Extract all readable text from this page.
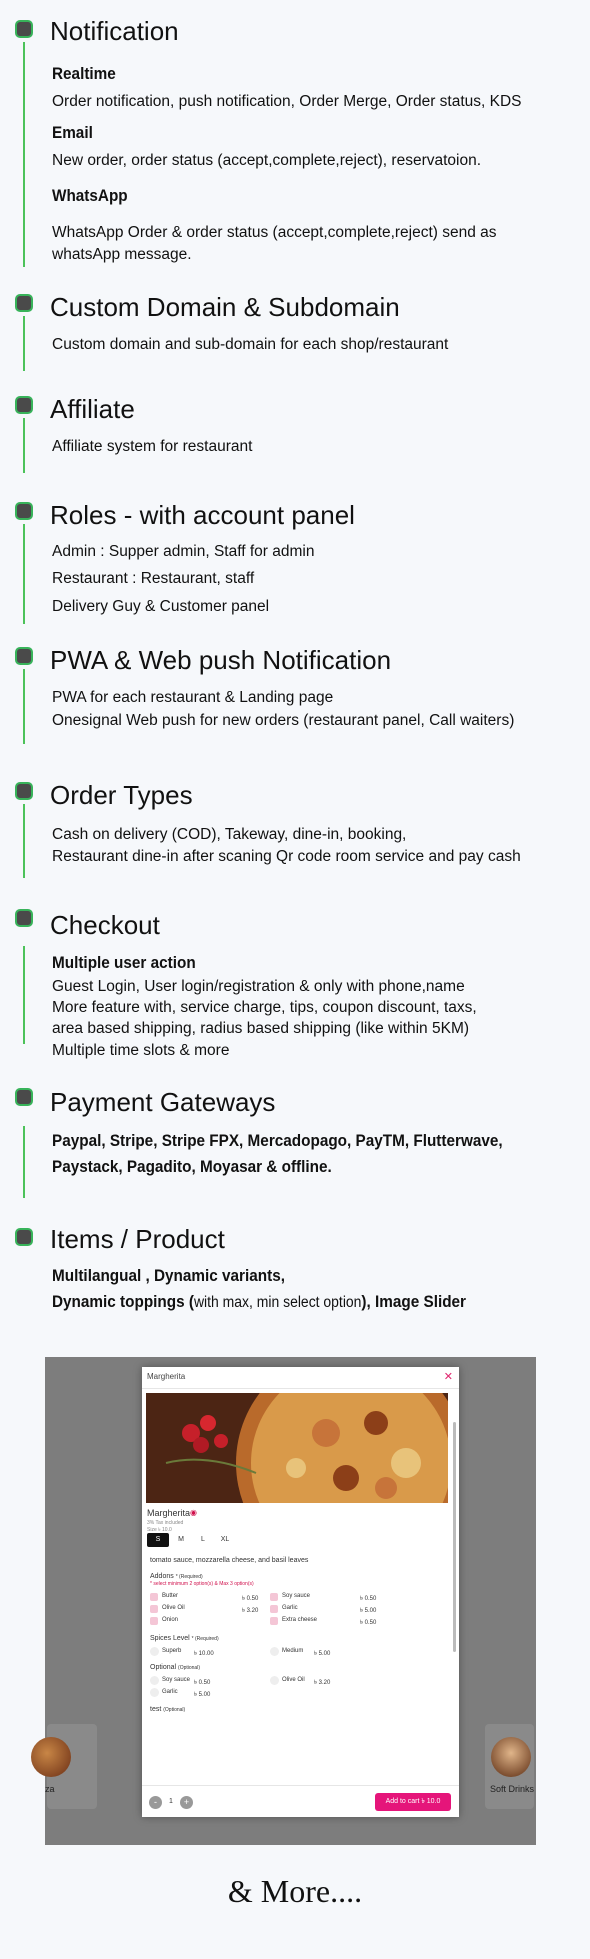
Notification
Realtime
Order notification, push notification, Order Merge, Order status, KDS
Email
New order, order status (accept,complete,reject), reservatoion.
WhatsApp
WhatsApp Order & order status (accept,complete,reject) send as
whatsApp message.
Custom Domain & Subdomain
Custom domain and sub-domain for each shop/restaurant
Affiliate
Affiliate system for restaurant
Roles - with account panel
Admin : Supper admin, Staff for admin
Restaurant : Restaurant, staff
Delivery Guy & Customer panel
PWA & Web push Notification
PWA for each restaurant & Landing page
Onesignal Web push for new orders (restaurant panel, Call waiters)
Order Types
Cash on delivery (COD), Takeway, dine-in, booking,
Restaurant dine-in after scaning Qr code room service and pay cash
Checkout
Multiple user action
Guest Login, User login/registration & only with phone,name
More feature with, service charge, tips, coupon discount, taxs,
area based shipping, radius based shipping (like within 5KM)
Multiple time slots & more
Payment Gateways
Paypal, Stripe, Stripe FPX, Mercadopago, PayTM, Flutterwave,
Paystack, Pagadito, Moyasar & offline.
Items / Product
Multilangual , Dynamic variants,
Dynamic toppings (with max, min select option), Image Slider
za	Soft Drinks
Margherita	✕
Margherita ◉
3% Tax included
Size ৳ 10.0
S	M	L	XL
tomato sauce, mozzarella cheese, and basil leaves
Addons * (Required)
* select minimum 2 option(s) & Max 3 option(s)
Butter	৳ 0.50	Soy sauce	৳ 0.50
Olive Oil	৳ 3.20	Garlic	৳ 5.00
Onion	Extra cheese	৳ 0.50
Spices Level * (Required)
Superb ৳ 10.00	Medium ৳ 5.00
Optional (Optional)
Soy sauce ৳ 0.50	Olive Oil ৳ 3.20
Garlic	৳ 5.00
test (Optional)
-	1	+	Add to cart ৳ 10.0
& More....
